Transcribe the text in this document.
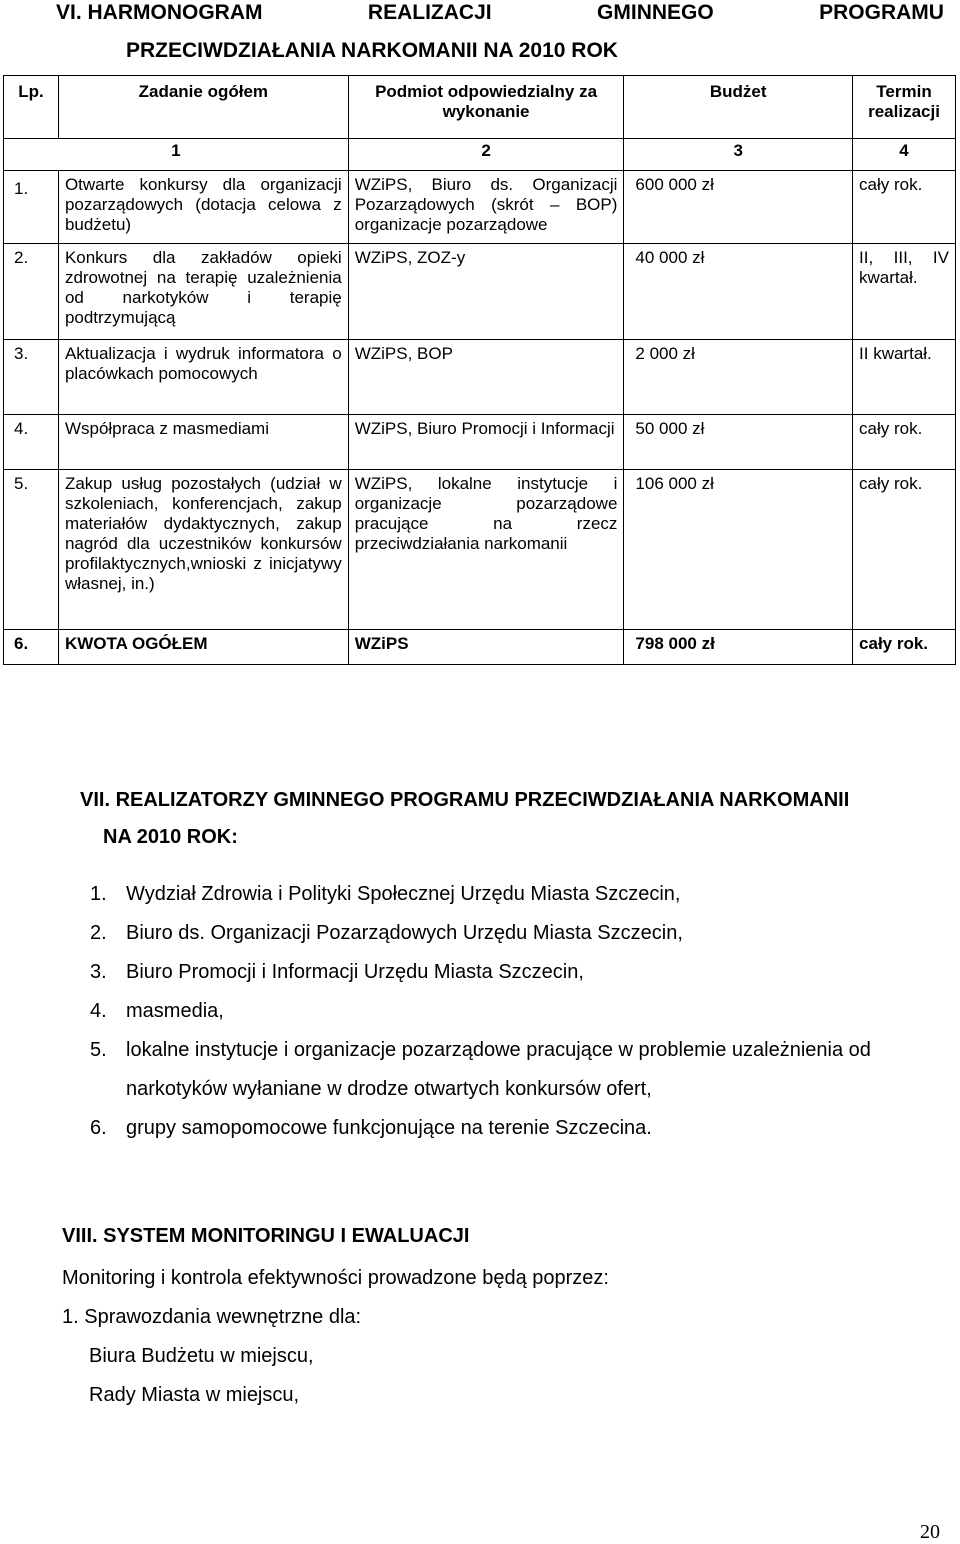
VI. HARMONOGRAM	REALIZACJI	GMINNEGO	PROGRAMU
PRZECIWDZIAŁANIA NARKOMANII NA 2010 ROK
Lp.	Zadanie ogółem	Podmiot odpowiedzialny za wykonanie	Budżet	Termin realizacji
1		2	3	4

1.	Otwarte konkursy dla organizacji pozarządowych (dotacja celowa z budżetu)	WZiPS, Biuro ds. Organizacji Pozarządowych (skrót – BOP) organizacje pozarządowe	600 000 zł	cały rok.

2.	Konkurs dla zakładów opieki zdrowotnej na terapię uzależnienia od narkotyków i terapię podtrzymującą	WZiPS, ZOZ-y	40 000 zł	II, III, IV kwartał.

3.	Aktualizacja i wydruk informatora o placówkach pomocowych	WZiPS, BOP	2 000 zł	II kwartał.

4.	Współpraca z masmediami	WZiPS, Biuro Promocji i Informacji	50 000 zł	cały rok.

5.	Zakup usług pozostałych (udział w szkoleniach, konferencjach, zakup materiałów dydaktycznych, zakup nagród dla uczestników konkursów profilaktycznych,wnioski z inicjatywy własnej, in.)	WZiPS, lokalne instytucje i organizacje pozarządowe pracujące na rzecz przeciwdziałania narkomanii	106 000 zł	cały rok.

6.	KWOTA OGÓŁEM	WZiPS	798 000 zł	cały rok.
VII. REALIZATORZY GMINNEGO PROGRAMU PRZECIWDZIAŁANIA NARKOMANII
NA 2010 ROK:
1. Wydział Zdrowia i Polityki Społecznej Urzędu Miasta Szczecin,
2. Biuro ds. Organizacji Pozarządowych Urzędu Miasta Szczecin,
3. Biuro Promocji i Informacji Urzędu Miasta Szczecin,
4. masmedia,
5. lokalne instytucje i organizacje pozarządowe pracujące w problemie uzależnienia od narkotyków wyłaniane w drodze otwartych konkursów ofert,
6. grupy samopomocowe funkcjonujące na terenie Szczecina.
VIII. SYSTEM MONITORINGU I EWALUACJI
Monitoring i kontrola efektywności prowadzone będą poprzez:
1. Sprawozdania wewnętrzne dla:
Biura Budżetu w miejscu,
Rady Miasta w miejscu,
20
